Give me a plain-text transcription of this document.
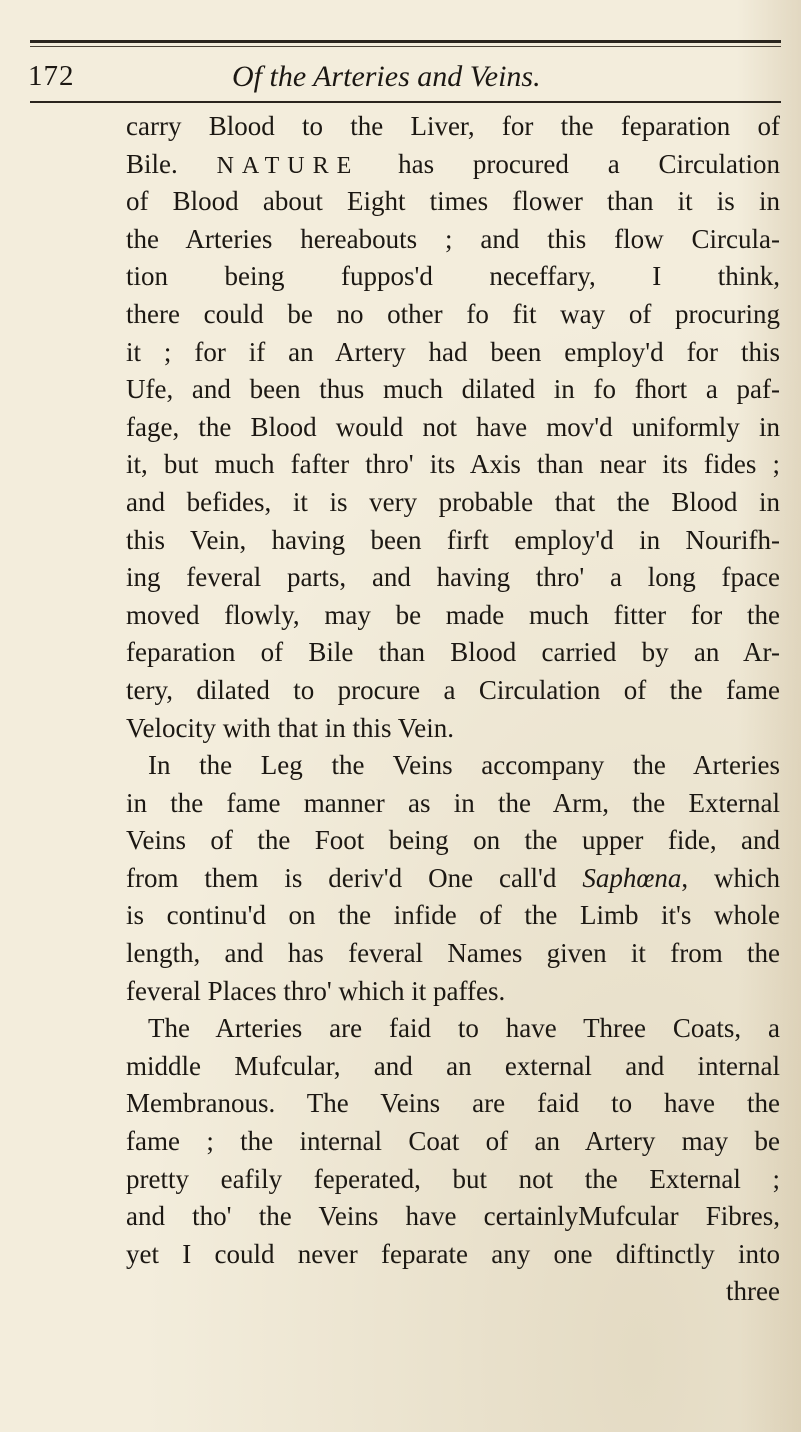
172	Of the Arteries and Veins.
carry Blood to the Liver, for the feparation of
Bile. NATURE has procured a Circulation
of Blood about Eight times flower than it is in
the Arteries hereabouts ; and this flow Circula-
tion being fuppos'd neceffary, I think,
there could be no other fo fit way of procuring
it ; for if an Artery had been employ'd for this
Ufe, and been thus much dilated in fo fhort a paf-
fage, the Blood would not have mov'd uniformly in
it, but much fafter thro' its Axis than near its fides ;
and befides, it is very probable that the Blood in
this Vein, having been firft employ'd in Nourifh-
ing feveral parts, and having thro' a long fpace
moved flowly, may be made much fitter for the
feparation of Bile than Blood carried by an Ar-
tery, dilated to procure a Circulation of the fame
Velocity with that in this Vein.
In the Leg the Veins accompany the Arteries
in the fame manner as in the Arm, the External
Veins of the Foot being on the upper fide, and
from them is deriv'd One call'd Saphœna, which
is continu'd on the infide of the Limb it's whole
length, and has feveral Names given it from the
feveral Places thro' which it paffes.
The Arteries are faid to have Three Coats, a
middle Mufcular, and an external and internal
Membranous. The Veins are faid to have the
fame ; the internal Coat of an Artery may be
pretty eafily feperated, but not the External ;
and tho' the Veins have certainlyMufcular Fibres,
yet I could never feparate any one diftinctly into
three
